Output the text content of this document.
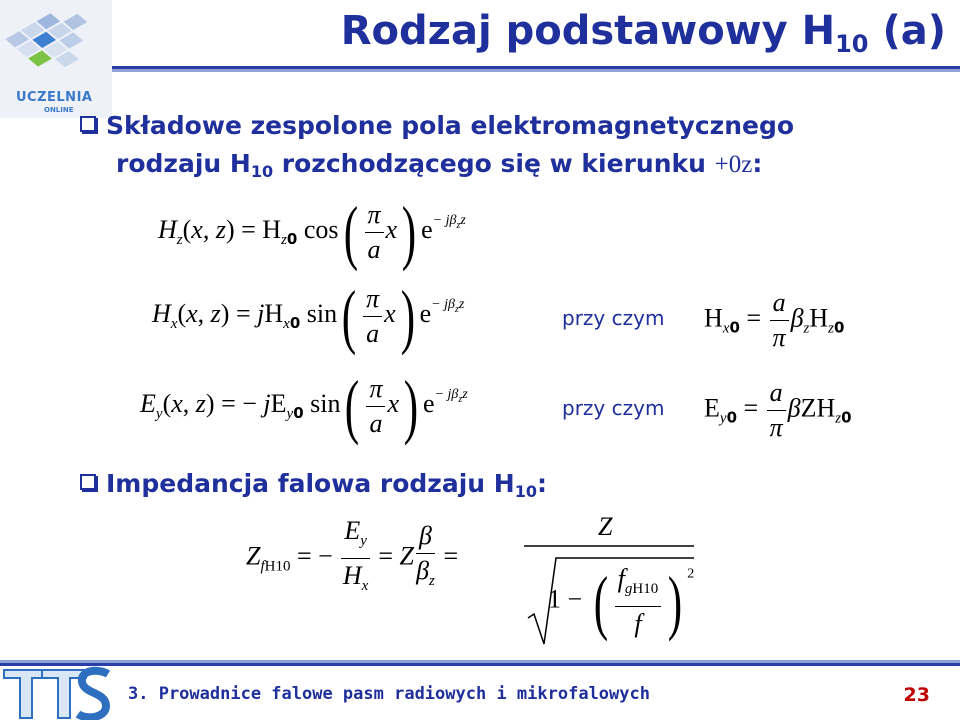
UCZELNIA
ONLINE
Rodzaj podstawowy $H_{10}$ (a)
Składowe zespolone pola elektromagnetycznego
rodzaju $H_{10}$ rozchodzącego się w kierunku +0z:
$H_z(x$, $z) = H_{z0}$ $\cos( \frac{\pi}{a} x)$ $e^{- j\beta_zz}$
$H_x(x$, $z) = jH_{x0}$ $\sin( \frac{\pi}{a} x)$ $e^{- j\beta_zz}$
przy czym $H_{x0} = \frac{a}{\pi} \beta_zH_{z0}$
$E_y(x$, z) = − $jE_{y0}$ $\sin( \frac{\pi}{a} x)$ $e^{- j\beta_zz}$
przy czym $E_{y0} = \frac{a}{\pi} \beta ZH_{z0}$
Impedancja falowa rodzaju $H_{10}$:
$Z_{fH10}$ = − $\frac{E_y}{H_x} = Z \frac{\beta}{\beta_z}$ =
Z
1 − ( $\frac{f_{gH10}}{f}$ ) $^2$
3. Prowadnice falowe pasm radiowych i mikrofalowych	23
